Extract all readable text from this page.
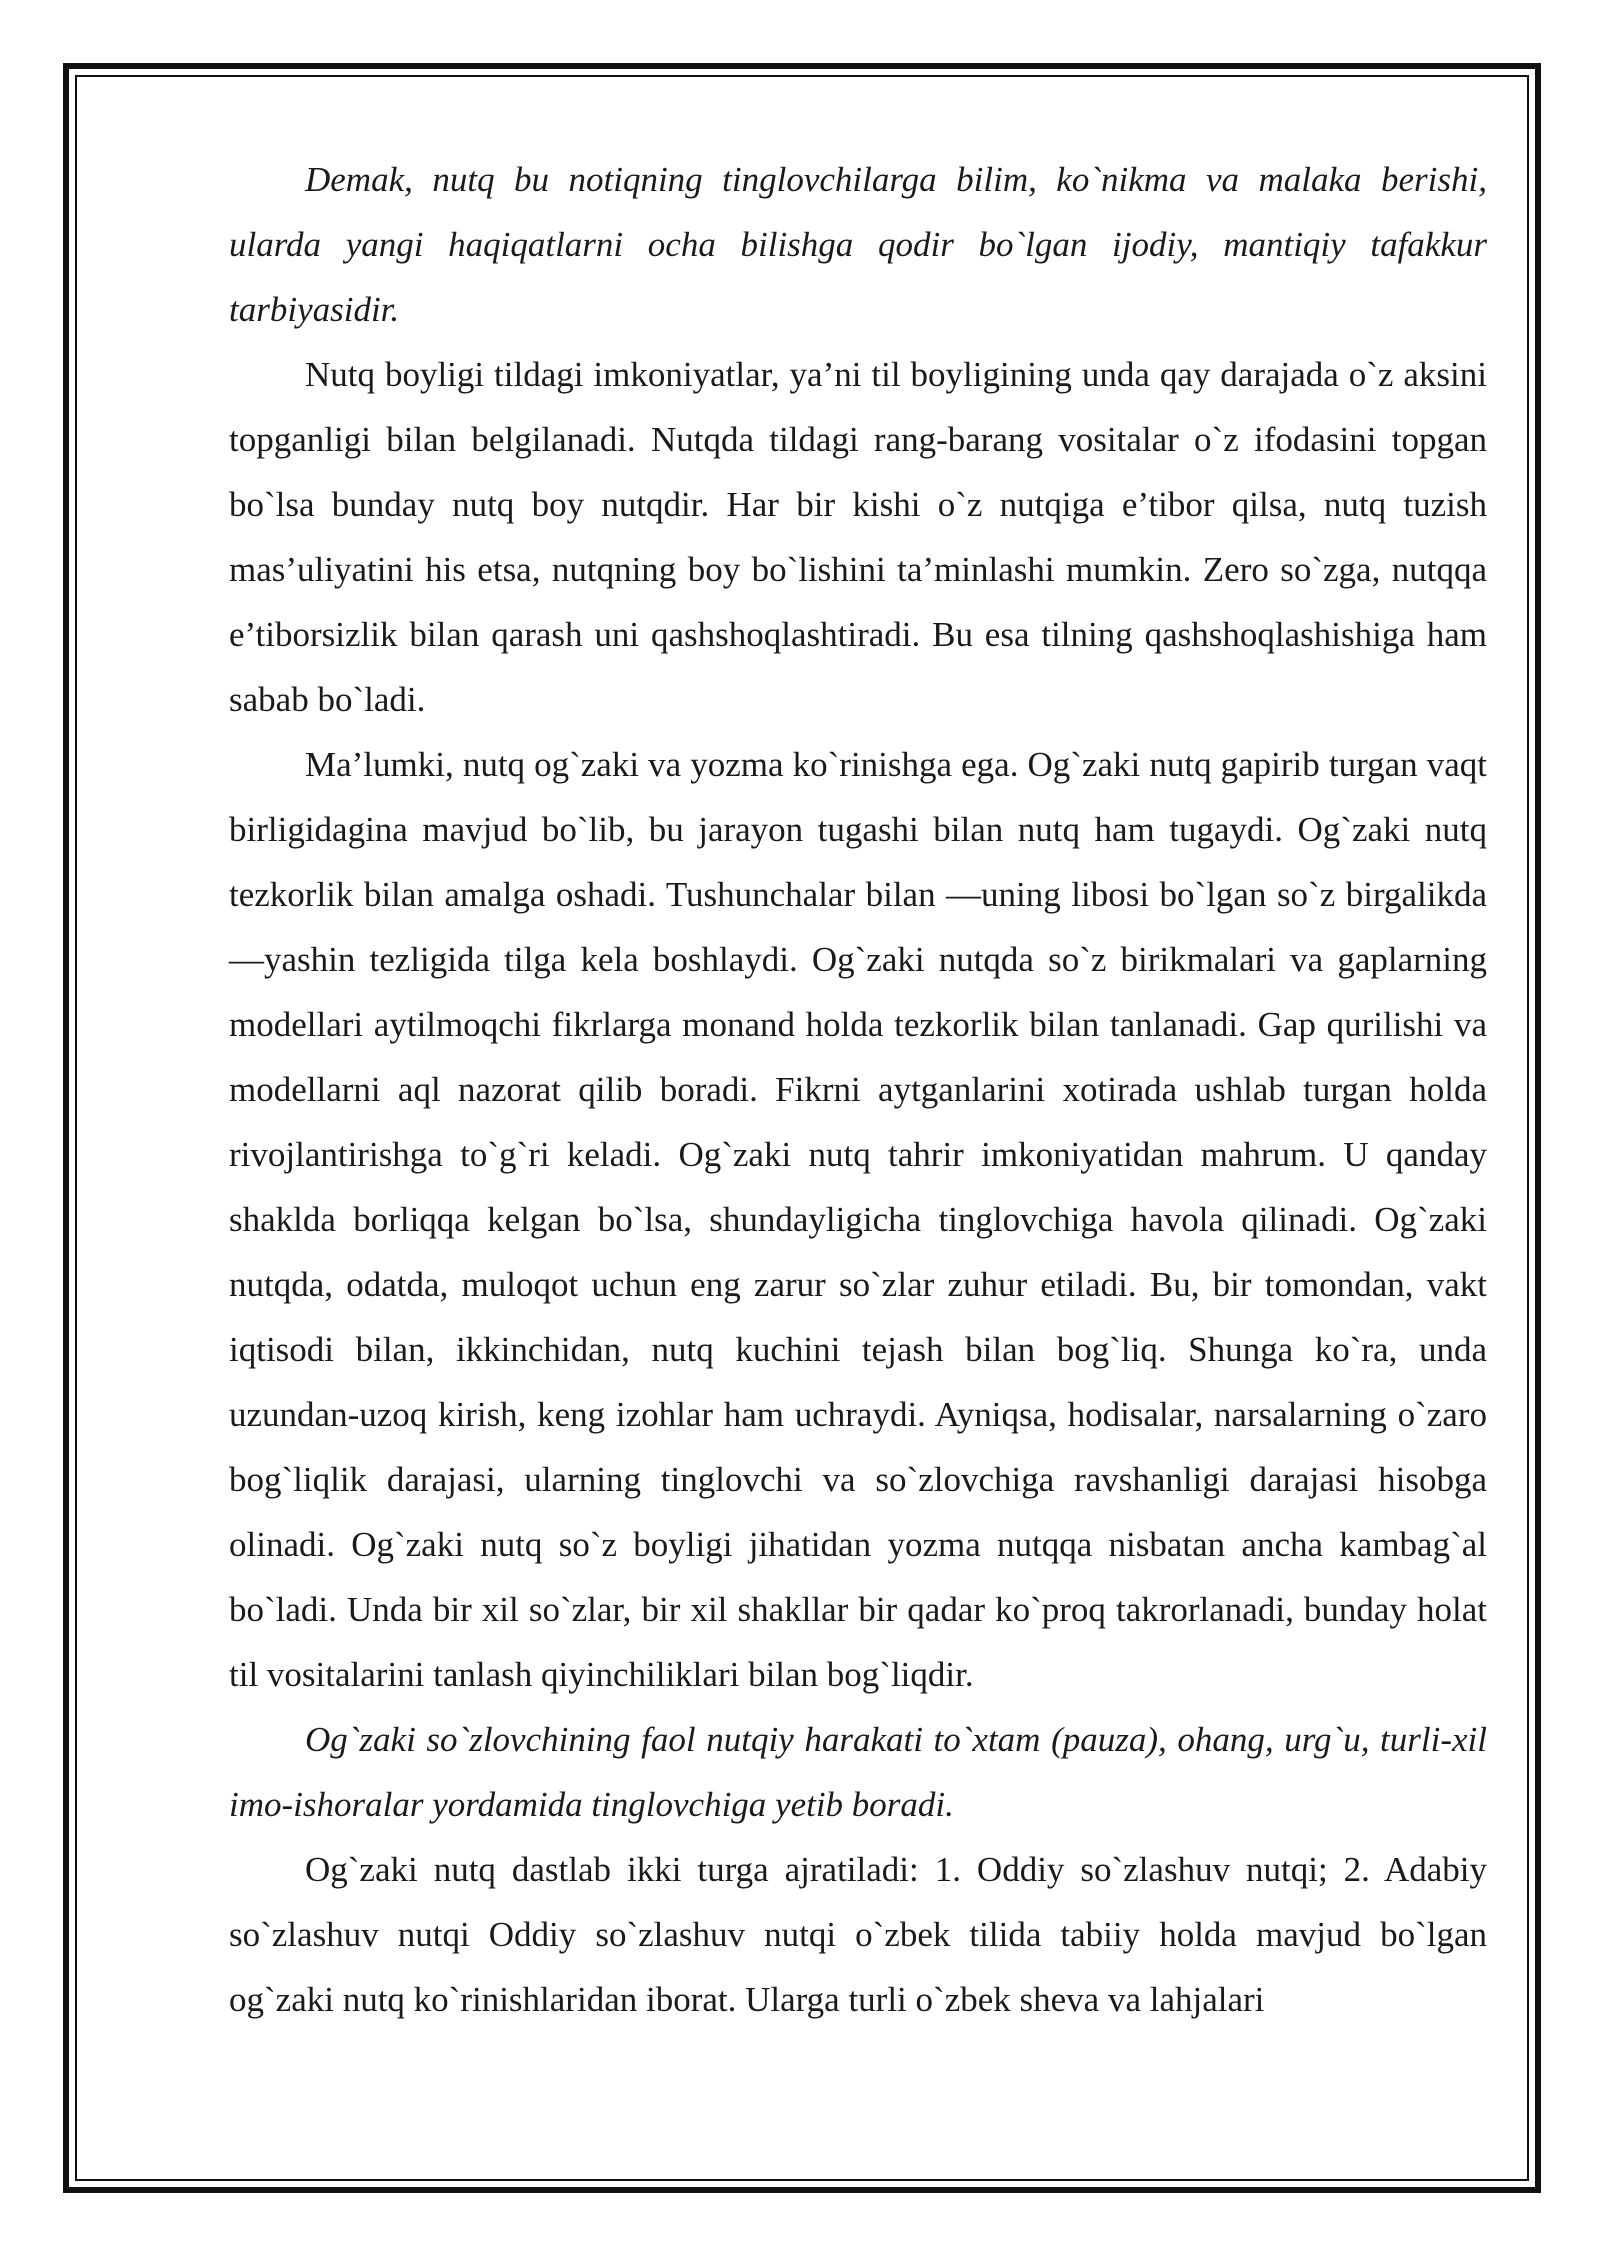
Demak, nutq bu notiqning tinglovchilarga bilim, ko`nikma va malaka berishi, ularda yangi haqiqatlarni ocha bilishga qodir bo`lgan ijodiy, mantiqiy tafakkur tarbiyasidir.

Nutq boyligi tildagi imkoniyatlar, ya’ni til boyligining unda qay darajada o`z aksini topganligi bilan belgilanadi. Nutqda tildagi rang-barang vositalar o`z ifodasini topgan bo`lsa bunday nutq boy nutqdir. Har bir kishi o`z nutqiga e’tibor qilsa, nutq tuzish mas’uliyatini his etsa, nutqning boy bo`lishini ta’minlashi mumkin. Zero so`zga, nutqqa e’tiborsizlik bilan qarash uni qashshoqlashtiradi. Bu esa tilning qashshoqlashishiga ham sabab bo`ladi.

Ma’lumki, nutq og`zaki va yozma ko`rinishga ega. Og`zaki nutq gapirib turgan vaqt birligidagina mavjud bo`lib, bu jarayon tugashi bilan nutq ham tugaydi. Og`zaki nutq tezkorlik bilan amalga oshadi. Tushunchalar bilan ―uning libosi bo`lgan so`z birgalikda ―yashin tezligida tilga kela boshlaydi. Og`zaki nutqda so`z birikmalari va gaplarning modellari aytilmoqchi fikrlarga monand holda tezkorlik bilan tanlanadi. Gap qurilishi va modellarni aql nazorat qilib boradi. Fikrni aytganlarini xotirada ushlab turgan holda rivojlantirishga to`g`ri keladi. Og`zaki nutq tahrir imkoniyatidan mahrum. U qanday shaklda borliqqa kelgan bo`lsa, shundayligicha tinglovchiga havola qilinadi. Og`zaki nutqda, odatda, muloqot uchun eng zarur so`zlar zuhur etiladi. Bu, bir tomondan, vakt iqtisodi bilan, ikkinchidan, nutq kuchini tejash bilan bog`liq. Shunga ko`ra, unda uzundan-uzoq kirish, keng izohlar ham uchraydi. Ayniqsa, hodisalar, narsalarning o`zaro bog`liqlik darajasi, ularning tinglovchi va so`zlovchiga ravshanligi darajasi hisobga olinadi. Og`zaki nutq so`z boyligi jihatidan yozma nutqqa nisbatan ancha kambag`al bo`ladi. Unda bir xil so`zlar, bir xil shakllar bir qadar ko`proq takrorlanadi, bunday holat til vositalarini tanlash qiyinchiliklari bilan bog`liqdir.

Og`zaki so`zlovchining faol nutqiy harakati to`xtam (pauza), ohang, urg`u, turli-xil imo-ishoralar yordamida tinglovchiga yetib boradi.

Og`zaki nutq dastlab ikki turga ajratiladi: 1. Oddiy so`zlashuv nutqi; 2. Adabiy so`zlashuv nutqi Oddiy so`zlashuv nutqi o`zbek tilida tabiiy holda mavjud bo`lgan og`zaki nutq ko`rinishlaridan iborat. Ularga turli o`zbek sheva va lahjalari
